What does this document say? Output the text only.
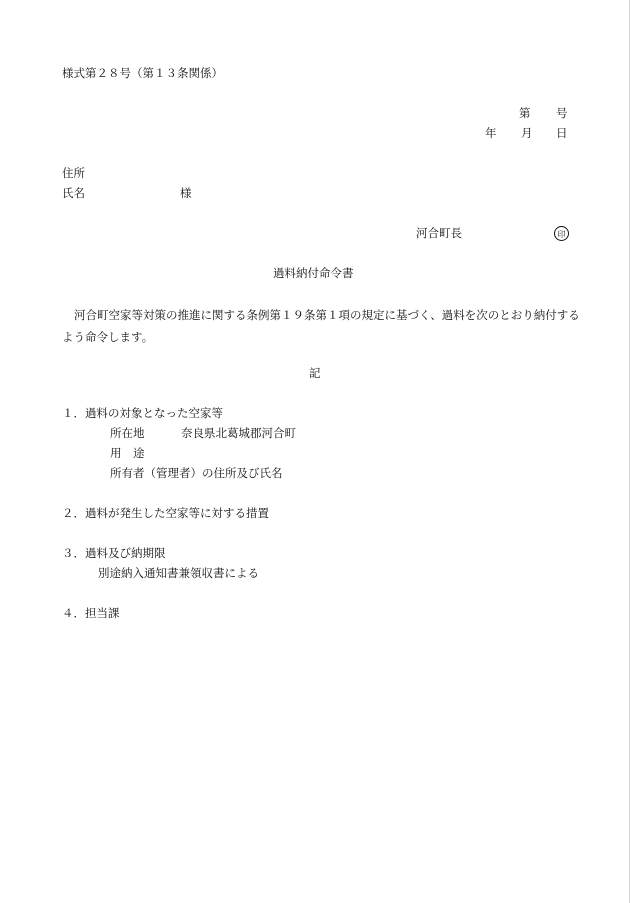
様式第２８号（第１３条関係）
第 号
年 月 日
住所
氏名	様
河合町長	印
過料納付命令書
河合町空家等対策の推進に関する条例第１９条第１項の規定に基づく、過料を次のとおり納付するよう命令します。
記
１．過料の対象となった空家等
所在地	奈良県北葛城郡河合町
用　途
所有者（管理者）の住所及び氏名
２．過料が発生した空家等に対する措置
３．過料及び納期限
別途納入通知書兼領収書による
４．担当課
